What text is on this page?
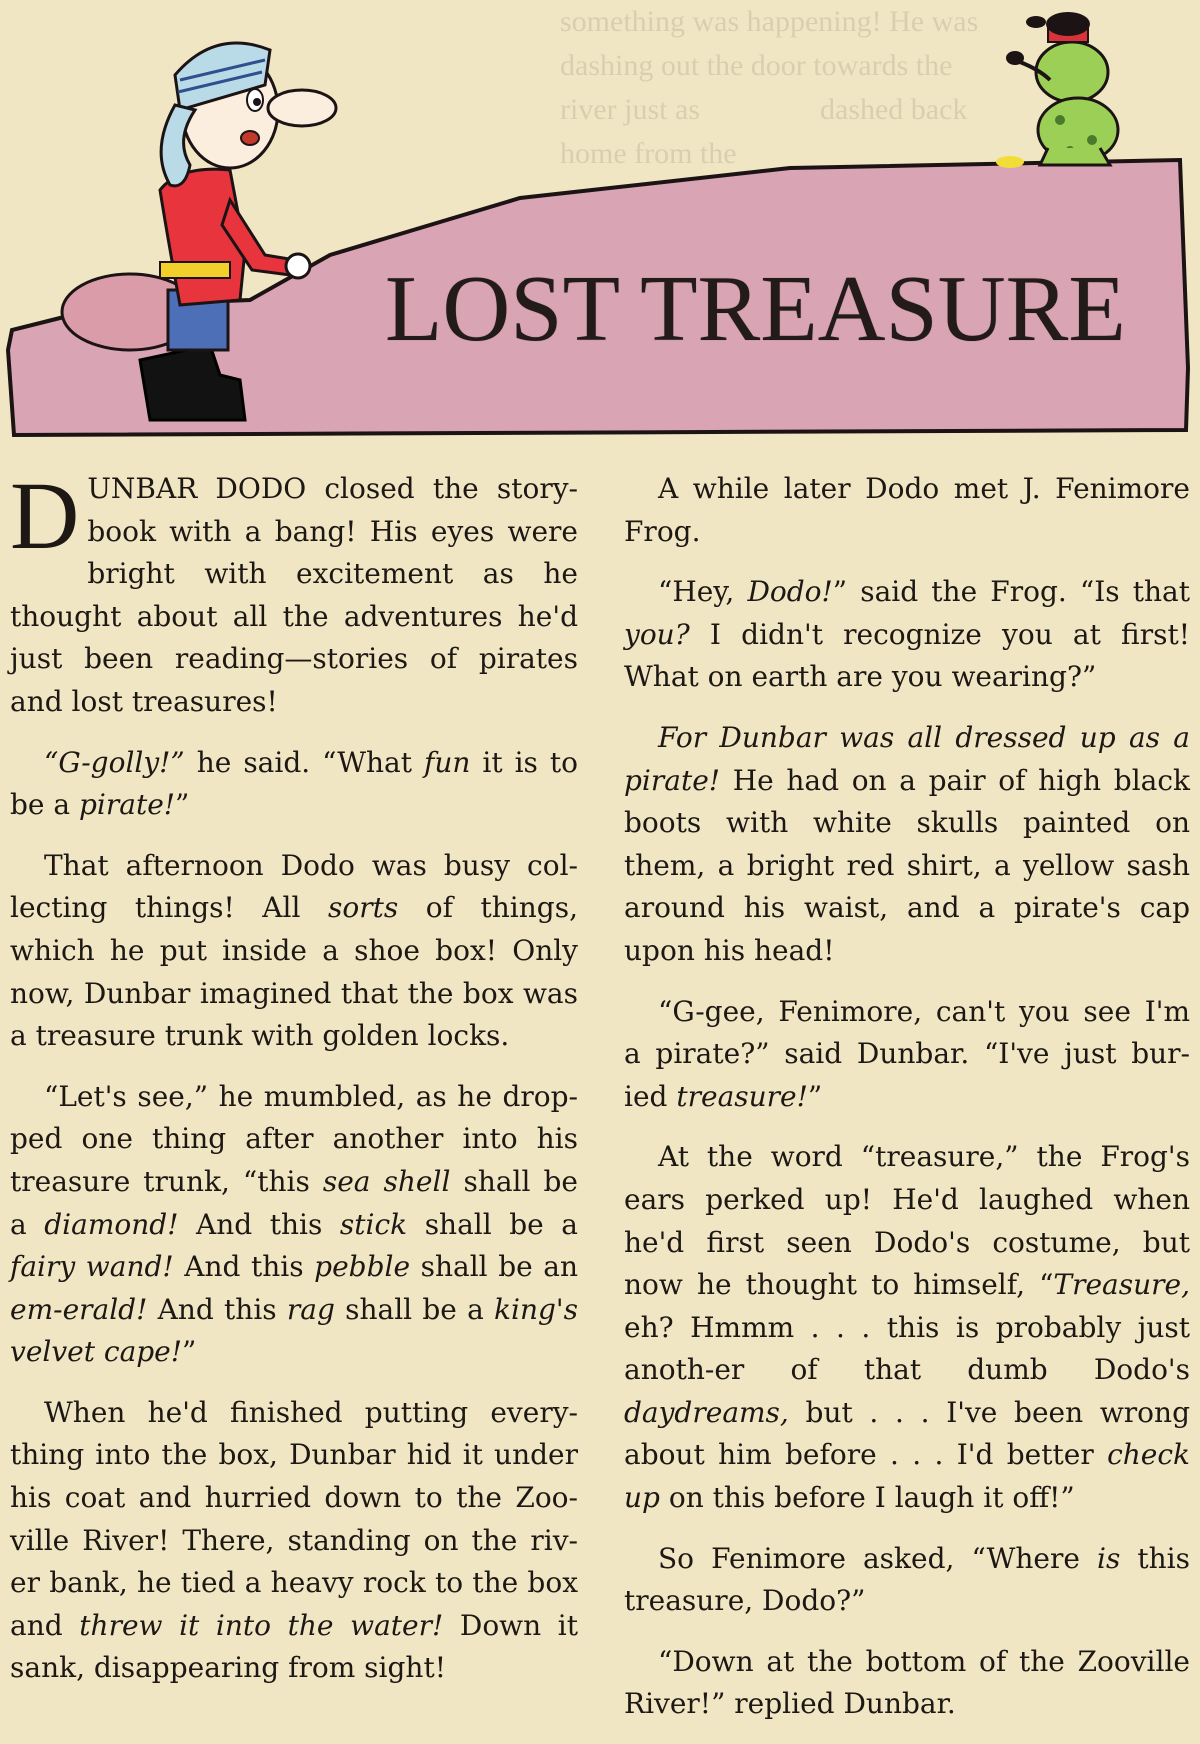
something was happening! He was
dashing out the door towards the
river just as                dashed back
home from the
LOST TREASURE

DUNBAR DODO closed the story-book with a bang! His eyes were bright with excitement as he thought about all the adventures he'd just been reading—stories of pirates and lost treasures!

“G-golly!” he said. “What fun it is to be a pirate!”

That afternoon Dodo was busy col-lecting things! All sorts of things, which he put inside a shoe box! Only now, Dunbar imagined that the box was a treasure trunk with golden locks.

“Let's see,” he mumbled, as he drop-ped one thing after another into his treasure trunk, “this sea shell shall be a diamond! And this stick shall be a fairy wand! And this pebble shall be an em-erald! And this rag shall be a king's velvet cape!”

When he'd finished putting every-thing into the box, Dunbar hid it under his coat and hurried down to the Zoo-ville River! There, standing on the riv-er bank, he tied a heavy rock to the box and threw it into the water! Down it sank, disappearing from sight!

A while later Dodo met J. Fenimore Frog.

“Hey, Dodo!” said the Frog. “Is that you? I didn't recognize you at first! What on earth are you wearing?”

For Dunbar was all dressed up as a pirate! He had on a pair of high black boots with white skulls painted on them, a bright red shirt, a yellow sash around his waist, and a pirate's cap upon his head!

“G-gee, Fenimore, can't you see I'm a pirate?” said Dunbar. “I've just bur-ied treasure!”

At the word “treasure,” the Frog's ears perked up! He'd laughed when he'd first seen Dodo's costume, but now he thought to himself, “Treasure, eh? Hmmm . . . this is probably just anoth-er of that dumb Dodo's daydreams, but . . . I've been wrong about him before . . . I'd better check up on this before I laugh it off!”

So Fenimore asked, “Where is this treasure, Dodo?”

“Down at the bottom of the Zooville River!” replied Dunbar.
